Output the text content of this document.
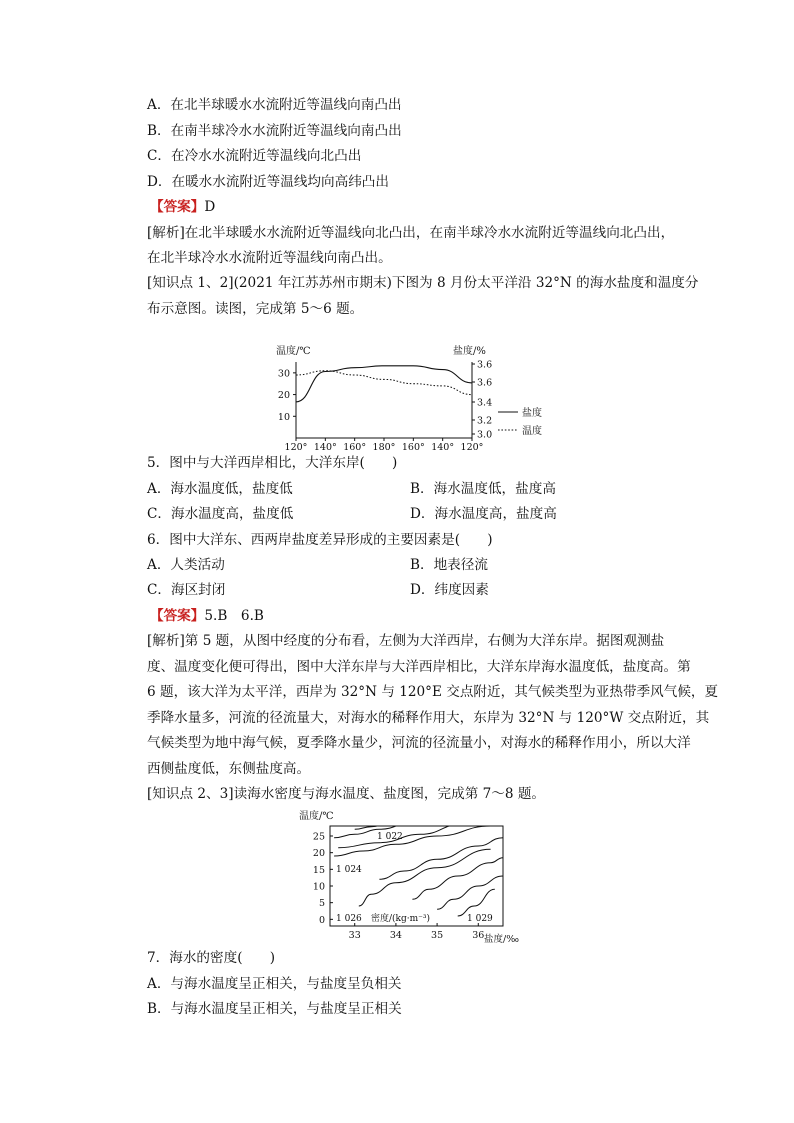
A．在北半球暖水水流附近等温线向南凸出
B．在南半球冷水水流附近等温线向南凸出
C．在冷水水流附近等温线向北凸出
D．在暖水水流附近等温线均向高纬凸出
【答案】D
[解析]在北半球暖水水流附近等温线向北凸出，在南半球冷水水流附近等温线向北凸出，
在北半球冷水水流附近等温线向南凸出。
[知识点 1、2](2021 年江苏苏州市期末)下图为 8 月份太平洋沿 32°N 的海水盐度和温度分
布示意图。读图，完成第 5～6 题。
温度/℃	盐度/%
30
20
10
3.6
3.6
3.4
3.2
3.0
120° 140° 160° 180° 160° 140° 120°
盐度
温度
5．图中与大洋西岸相比，大洋东岸(　　)
A．海水温度低，盐度低	B．海水温度低，盐度高
C．海水温度高，盐度低	D．海水温度高，盐度高
6．图中大洋东、西两岸盐度差异形成的主要因素是(　　)
A．人类活动	B．地表径流
C．海区封闭	D．纬度因素
【答案】5.B　6.B
[解析]第 5 题，从图中经度的分布看，左侧为大洋西岸，右侧为大洋东岸。据图观测盐
度、温度变化便可得出，图中大洋东岸与大洋西岸相比，大洋东岸海水温度低，盐度高。第
6 题，该大洋为太平洋，西岸为 32°N 与 120°E 交点附近，其气候类型为亚热带季风气候，夏
季降水量多，河流的径流量大，对海水的稀释作用大，东岸为 32°N 与 120°W 交点附近，其
气候类型为地中海气候，夏季降水量少，河流的径流量小，对海水的稀释作用小，所以大洋
西侧盐度低，东侧盐度高。
[知识点 2、3]读海水密度与海水温度、盐度图，完成第 7～8 题。
温度/℃
25
20
15
10
5
0
33	34	35	36 盐度/‰
1 022
1 024
1 026 密度/(kg·m⁻³)	1 029
7．海水的密度(　　)
A．与海水温度呈正相关，与盐度呈负相关
B．与海水温度呈正相关，与盐度呈正相关
